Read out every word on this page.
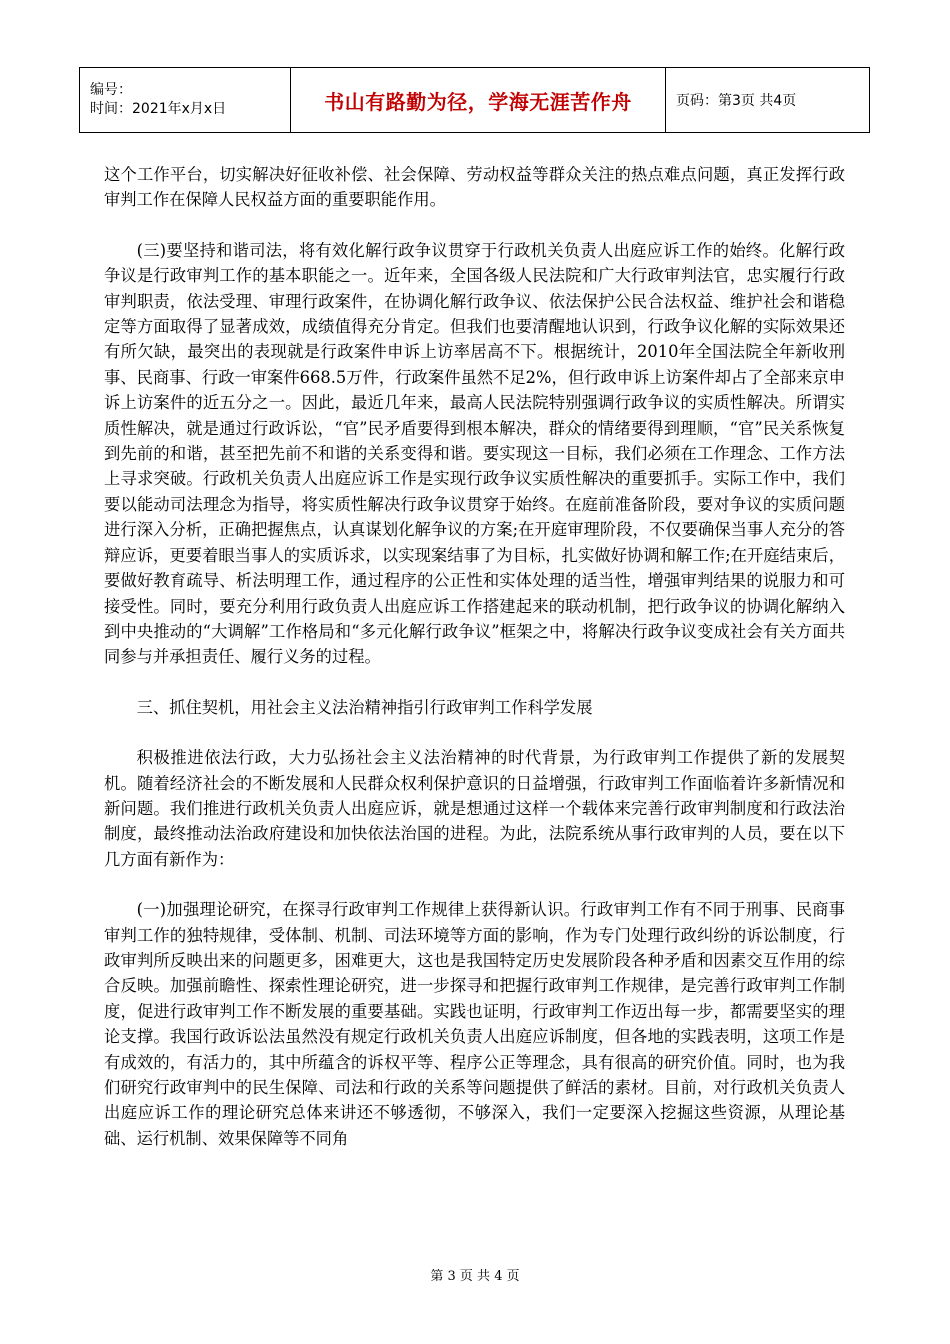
编号：
时间：2021年x月x日	书山有路勤为径，学海无涯苦作舟	页码：第3页 共4页

这个工作平台，切实解决好征收补偿、社会保障、劳动权益等群众关注的热点难点问题，真正发挥行政审判工作在保障人民权益方面的重要职能作用。

(三)要坚持和谐司法，将有效化解行政争议贯穿于行政机关负责人出庭应诉工作的始终。化解行政争议是行政审判工作的基本职能之一。近年来，全国各级人民法院和广大行政审判法官，忠实履行行政审判职责，依法受理、审理行政案件，在协调化解行政争议、依法保护公民合法权益、维护社会和谐稳定等方面取得了显著成效，成绩值得充分肯定。但我们也要清醒地认识到，行政争议化解的实际效果还有所欠缺，最突出的表现就是行政案件申诉上访率居高不下。根据统计，2010年全国法院全年新收刑事、民商事、行政一审案件668.5万件，行政案件虽然不足2%，但行政申诉上访案件却占了全部来京申诉上访案件的近五分之一。因此，最近几年来，最高人民法院特别强调行政争议的实质性解决。所谓实质性解决，就是通过行政诉讼，“官”民矛盾要得到根本解决，群众的情绪要得到理顺，“官”民关系恢复到先前的和谐，甚至把先前不和谐的关系变得和谐。要实现这一目标，我们必须在工作理念、工作方法上寻求突破。行政机关负责人出庭应诉工作是实现行政争议实质性解决的重要抓手。实际工作中，我们要以能动司法理念为指导，将实质性解决行政争议贯穿于始终。在庭前准备阶段，要对争议的实质问题进行深入分析，正确把握焦点，认真谋划化解争议的方案;在开庭审理阶段，不仅要确保当事人充分的答辩应诉，更要着眼当事人的实质诉求，以实现案结事了为目标，扎实做好协调和解工作;在开庭结束后，要做好教育疏导、析法明理工作，通过程序的公正性和实体处理的适当性，增强审判结果的说服力和可接受性。同时，要充分利用行政负责人出庭应诉工作搭建起来的联动机制，把行政争议的协调化解纳入到中央推动的“大调解”工作格局和“多元化解行政争议”框架之中，将解决行政争议变成社会有关方面共同参与并承担责任、履行义务的过程。

三、抓住契机，用社会主义法治精神指引行政审判工作科学发展

积极推进依法行政，大力弘扬社会主义法治精神的时代背景，为行政审判工作提供了新的发展契机。随着经济社会的不断发展和人民群众权利保护意识的日益增强，行政审判工作面临着许多新情况和新问题。我们推进行政机关负责人出庭应诉，就是想通过这样一个载体来完善行政审判制度和行政法治制度，最终推动法治政府建设和加快依法治国的进程。为此，法院系统从事行政审判的人员，要在以下几方面有新作为：

(一)加强理论研究，在探寻行政审判工作规律上获得新认识。行政审判工作有不同于刑事、民商事审判工作的独特规律，受体制、机制、司法环境等方面的影响，作为专门处理行政纠纷的诉讼制度，行政审判所反映出来的问题更多，困难更大，这也是我国特定历史发展阶段各种矛盾和因素交互作用的综合反映。加强前瞻性、探索性理论研究，进一步探寻和把握行政审判工作规律，是完善行政审判工作制度，促进行政审判工作不断发展的重要基础。实践也证明，行政审判工作迈出每一步，都需要坚实的理论支撑。我国行政诉讼法虽然没有规定行政机关负责人出庭应诉制度，但各地的实践表明，这项工作是有成效的，有活力的，其中所蕴含的诉权平等、程序公正等理念，具有很高的研究价值。同时，也为我们研究行政审判中的民生保障、司法和行政的关系等问题提供了鲜活的素材。目前，对行政机关负责人出庭应诉工作的理论研究总体来讲还不够透彻，不够深入，我们一定要深入挖掘这些资源，从理论基础、运行机制、效果保障等不同角

第 3 页 共 4 页
